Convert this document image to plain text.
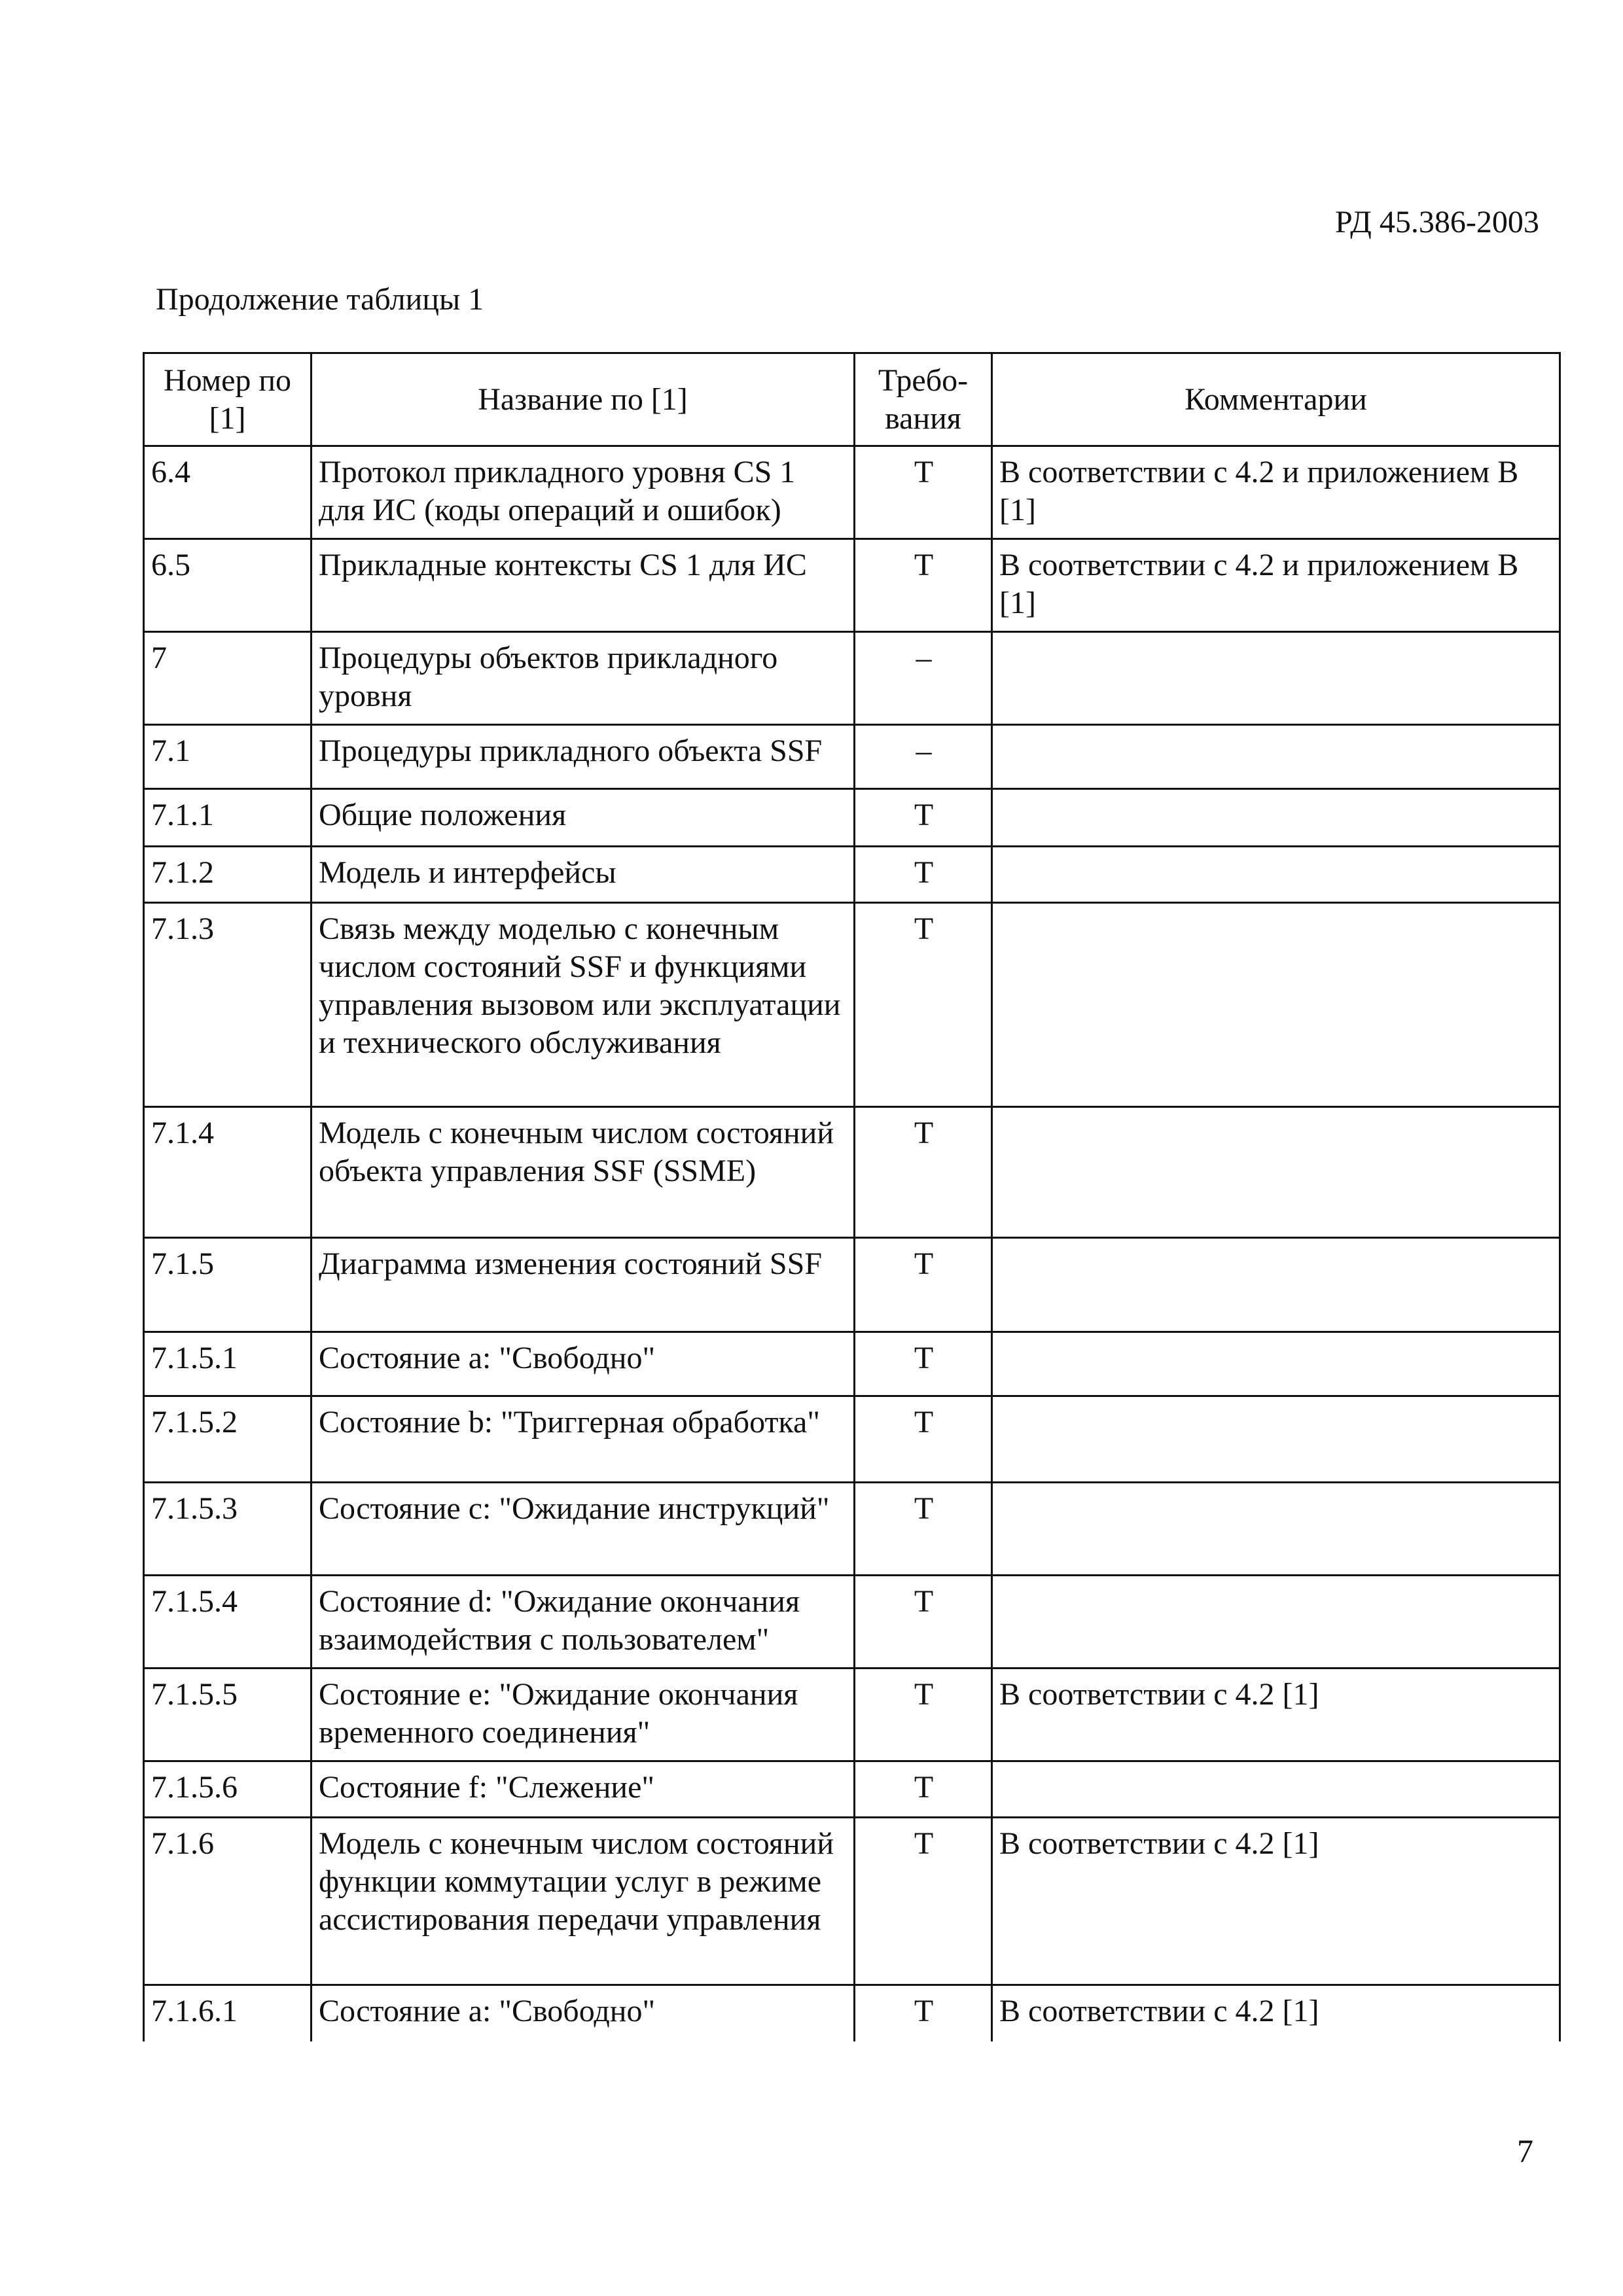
РД 45.386-2003
Продолжение таблицы 1
Номер по [1]	Название по [1]	Требо- вания	Комментарии
6.4	Протокол прикладного уровня CS 1 для ИС (коды операций и ошибок)	Т	В соответствии с 4.2 и приложением В [1]
6.5	Прикладные контексты CS 1 для ИС	Т	В соответствии с 4.2 и приложением В [1]
7	Процедуры объектов прикладного уровня	–	
7.1	Процедуры прикладного объекта SSF	–	
7.1.1	Общие положения	Т	
7.1.2	Модель и интерфейсы	Т	
7.1.3	Связь между моделью с конечным числом состояний SSF и функциями управления вызовом или эксплуатации и технического обслуживания	Т	
7.1.4	Модель с конечным числом состояний объекта управления SSF (SSME)	Т	
7.1.5	Диаграмма изменения состояний SSF	Т	
7.1.5.1	Состояние a: "Свободно"	Т	
7.1.5.2	Состояние b: "Триггерная обработка"	Т	
7.1.5.3	Состояние c: "Ожидание инструкций"	Т	
7.1.5.4	Состояние d: "Ожидание окончания взаимодействия с пользователем"	Т	
7.1.5.5	Состояние e: "Ожидание окончания временного соединения"	Т	В соответствии с 4.2 [1]
7.1.5.6	Состояние f: "Слежение"	Т	
7.1.6	Модель с конечным числом состояний функции коммутации услуг в режиме ассистирования передачи управления	Т	В соответствии с 4.2 [1]
7.1.6.1	Состояние a: "Свободно"	Т	В соответствии с 4.2 [1]
7
